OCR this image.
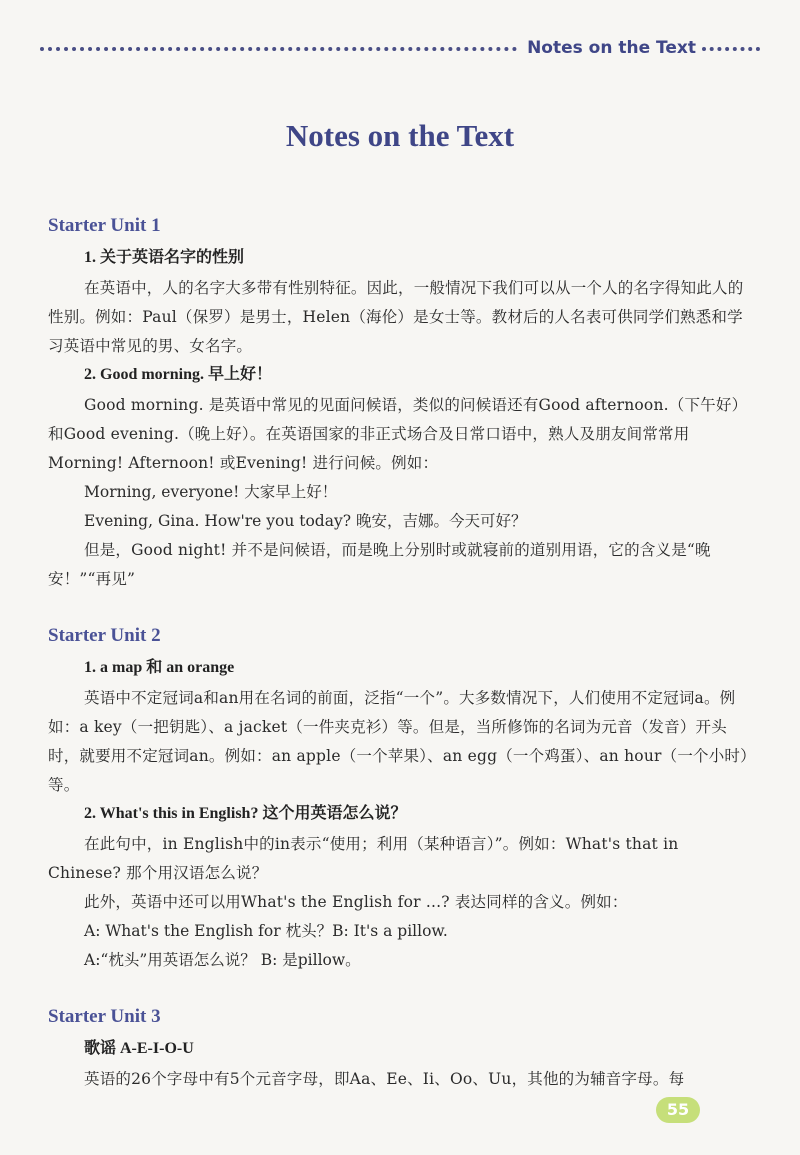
Notes on the Text
Notes on the Text
Starter Unit 1
1. 关于英语名字的性别

在英语中，人的名字大多带有性别特征。因此，一般情况下我们可以从一个人的名字得知此人的性别。例如：Paul（保罗）是男士，Helen（海伦）是女士等。教材后的人名表可供同学们熟悉和学习英语中常见的男、女名字。

2. Good morning. 早上好！

Good morning. 是英语中常见的见面问候语，类似的问候语还有Good afternoon.（下午好）和Good evening.（晚上好）。在英语国家的非正式场合及日常口语中，熟人及朋友间常常用Morning! Afternoon! 或Evening! 进行问候。例如：

Morning, everyone! 大家早上好！

Evening, Gina. How're you today? 晚安，吉娜。今天可好？

但是，Good night! 并不是问候语，而是晚上分别时或就寝前的道别用语，它的含义是“晚安！”“再见”

Starter Unit 2
1. a map 和 an orange

英语中不定冠词a和an用在名词的前面，泛指“一个”。大多数情况下，人们使用不定冠词a。例如：a key（一把钥匙）、a jacket（一件夹克衫）等。但是，当所修饰的名词为元音（发音）开头时，就要用不定冠词an。例如：an apple（一个苹果）、an egg（一个鸡蛋）、an hour（一个小时）等。

2. What's this in English? 这个用英语怎么说？

在此句中，in English中的in表示“使用；利用（某种语言）”。例如：What's that in Chinese? 那个用汉语怎么说？

此外，英语中还可以用What's the English for ...? 表达同样的含义。例如：

A: What's the English for 枕头？B: It's a pillow.

A:“枕头”用英语怎么说？ B: 是pillow。

Starter Unit 3
歌谣 A-E-I-O-U

英语的26个字母中有5个元音字母，即Aa、Ee、Ii、Oo、Uu，其他的为辅音字母。每

55
